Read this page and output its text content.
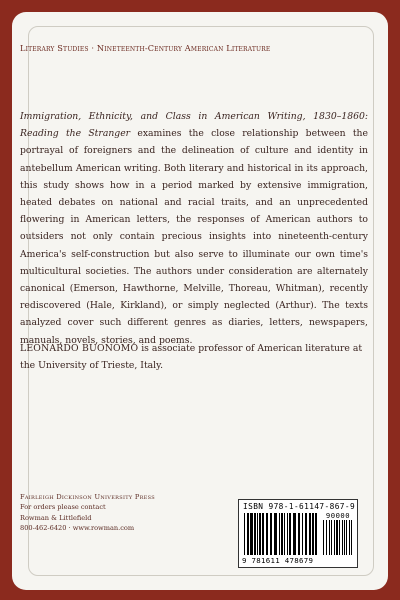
Literary Studies · Nineteenth-Century American Literature
Immigration, Ethnicity, and Class in American Writing, 1830–1860: Reading the Stranger examines the close relationship between the portrayal of foreigners and the delineation of culture and identity in antebellum American writing. Both literary and historical in its approach, this study shows how in a period marked by extensive immigration, heated debates on national and racial traits, and an unprecedented flowering in American letters, the responses of American authors to outsiders not only contain precious insights into nineteenth-century America's self-construction but also serve to illuminate our own time's multicultural societies. The authors under consideration are alternately canonical (Emerson, Hawthorne, Melville, Thoreau, Whitman), recently rediscovered (Hale, Kirkland), or simply neglected (Arthur). The texts analyzed cover such different genres as diaries, letters, newspapers, manuals, novels, stories, and poems.
LEONARDO BUONOMO is associate professor of American literature at the University of Trieste, Italy.
Fairleigh Dickinson University Press
For orders please contact
Rowman & Littlefield
800-462-6420 · www.rowman.com
ISBN 978-1-61147-867-9
90000
9 781611 478679
